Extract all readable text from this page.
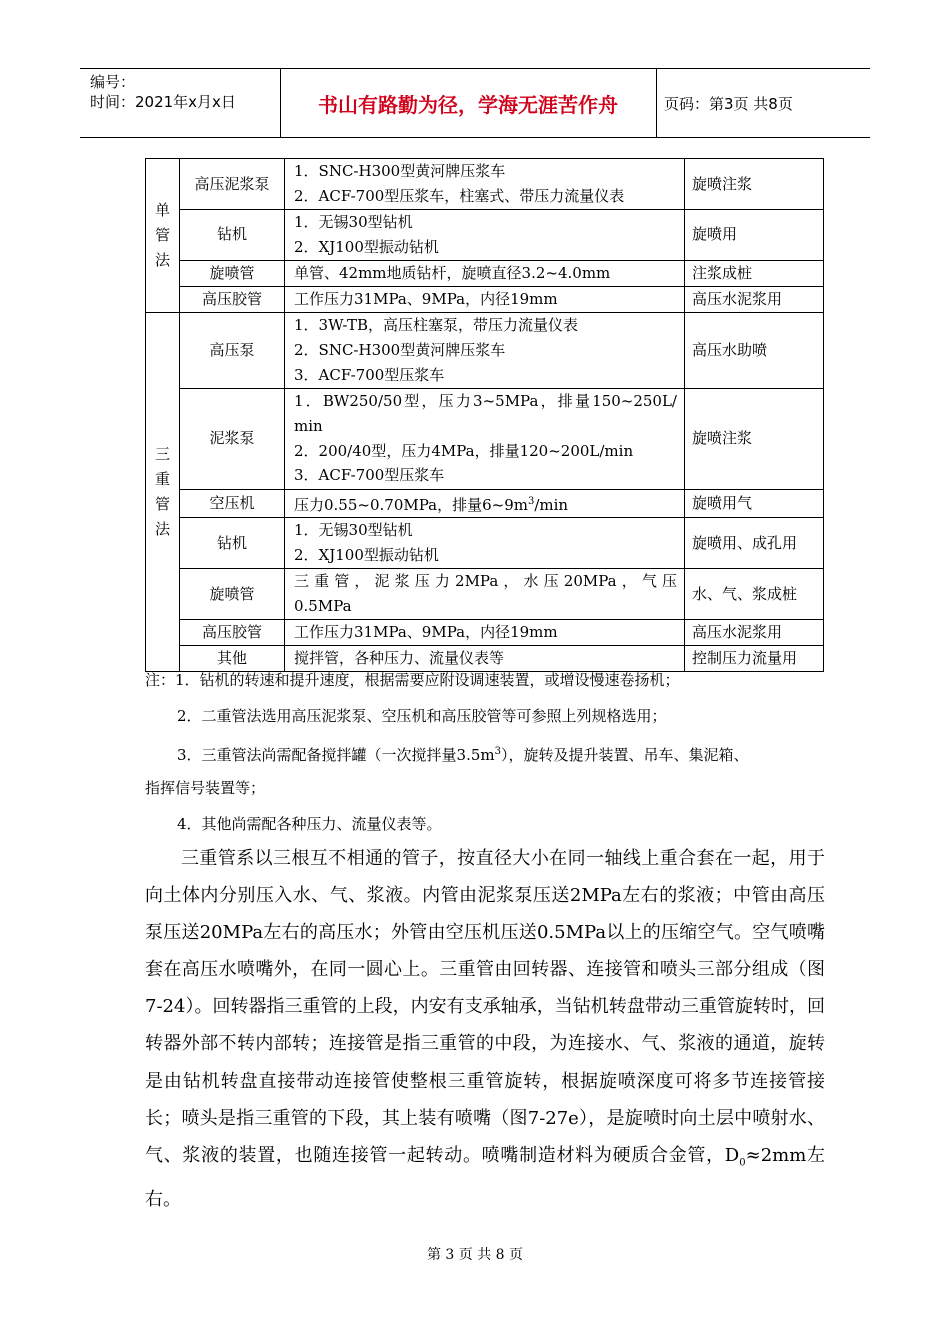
编号：
时间：2021年x月x日	书山有路勤为径，学海无涯苦作舟	页码：第3页 共8页
单
管
法	高压泥浆泵	1．SNC-H300型黄河牌压浆车
2．ACF-700型压浆车，柱塞式、带压力流量仪表	旋喷注浆
	钻机	1．无锡30型钻机
2．XJ100型振动钻机	旋喷用
	旋喷管	单管、42mm地质钻杆，旋喷直径3.2~4.0mm	注浆成桩
	高压胶管	工作压力31MPa、9MPa，内径19mm	高压水泥浆用

三
重
管
法	高压泵	1．3W-TB，高压柱塞泵，带压力流量仪表
2．SNC-H300型黄河牌压浆车
3．ACF-700型压浆车	高压水助喷
	泥浆泵	1．BW250/50型，压力3~5MPa，排量150~250L/
min
2．200/40型，压力4MPa，排量120~200L/min
3．ACF-700型压浆车	旋喷注浆
	空压机	压力0.55~0.70MPa，排量$6\sim 9m^3/\min$	旋喷用气
	钻机	1．无锡30型钻机
2．XJ100型振动钻机	旋喷用、成孔用
	旋喷管	三重管，泥浆压力2MPa，水压20MPa，气压
0.5MPa	水、气、浆成桩
	高压胶管	工作压力31MPa、9MPa，内径19mm	高压水泥浆用
	其他	搅拌管，各种压力、流量仪表等	控制压力流量用

注：1．钻机的转速和提升速度，根据需要应附设调速装置，或增设慢速卷扬机；

2．二重管法选用高压泥浆泵、空压机和高压胶管等可参照上列规格选用；

3．三重管法尚需配备搅拌罐（一次搅拌量$3.5m^3$），旋转及提升装置、吊车、集泥箱、

指挥信号装置等；

4．其他尚需配各种压力、流量仪表等。

三重管系以三根互不相通的管子，按直径大小在同一轴线上重合套在一起，用于向土体内分别压入水、气、浆液。内管由泥浆泵压送2MPa左右的浆液；中管由高压泵压送20MPa左右的高压水；外管由空压机压送0.5MPa以上的压缩空气。空气喷嘴套在高压水喷嘴外，在同一圆心上。三重管由回转器、连接管和喷头三部分组成（图7-24）。回转器指三重管的上段，内安有支承轴承，当钻机转盘带动三重管旋转时，回转器外部不转内部转；连接管是指三重管的中段，为连接水、气、浆液的通道，旋转是由钻机转盘直接带动连接管使整根三重管旋转，根据旋喷深度可将多节连接管接长；喷头是指三重管的下段，其上装有喷嘴（图7-27e），是旋喷时向土层中喷射水、气、浆液的装置，也随连接管一起转动。喷嘴制造材料为硬质合金管，$D_0\approx 2mm$左右。

第 3 页 共 8 页
